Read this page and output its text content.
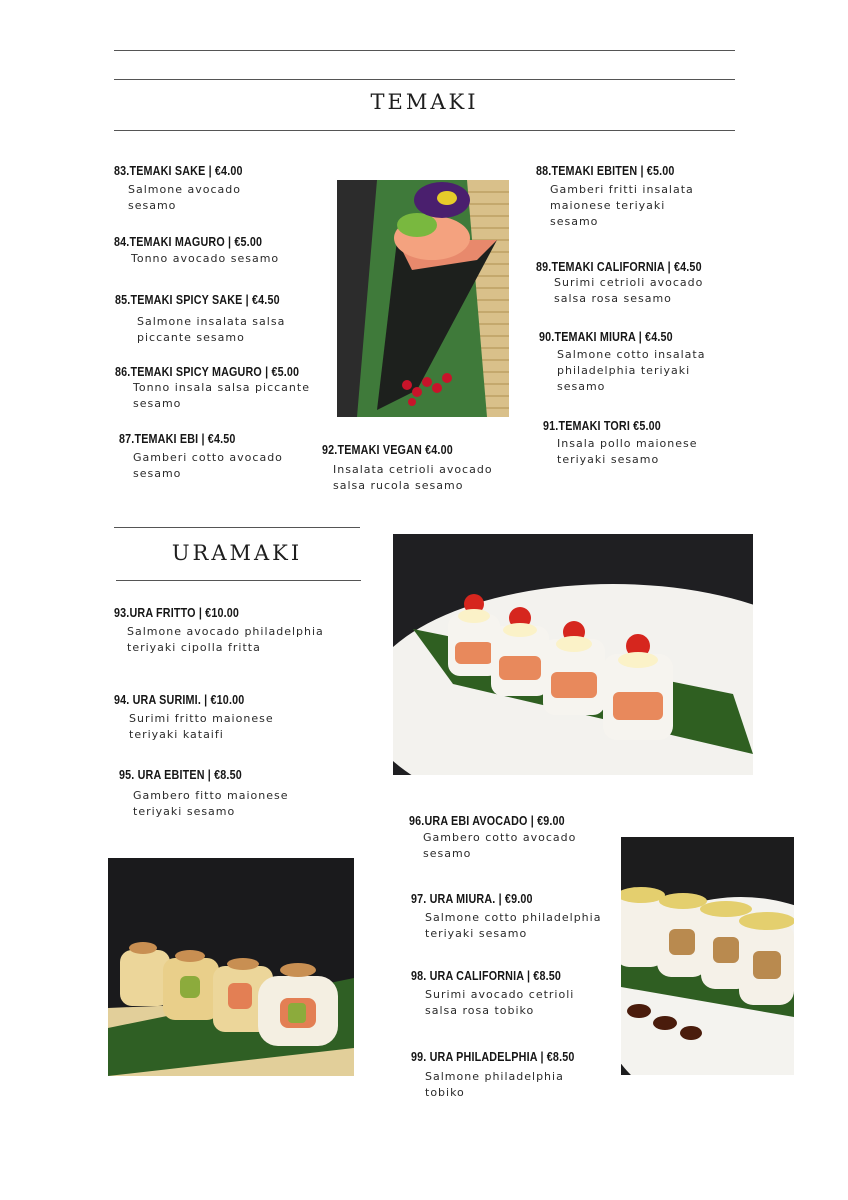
TEMAKI
83.TEMAKI SAKE | €4.00
Salmone avocado
sesamo
84.TEMAKI MAGURO | €5.00
Tonno avocado sesamo
85.TEMAKI SPICY SAKE | €4.50
Salmone insalata salsa
piccante sesamo
86.TEMAKI SPICY MAGURO | €5.00
Tonno insala salsa piccante
sesamo
87.TEMAKI EBI | €4.50
Gamberi cotto avocado
sesamo
92.TEMAKI VEGAN €4.00
Insalata cetrioli avocado
salsa rucola sesamo
88.TEMAKI EBITEN | €5.00
Gamberi fritti insalata
maionese teriyaki
sesamo
89.TEMAKI CALIFORNIA | €4.50
Surimi cetrioli avocado
salsa rosa sesamo
90.TEMAKI MIURA | €4.50
Salmone cotto insalata
philadelphia teriyaki
sesamo
91.TEMAKI TORI €5.00
Insala pollo maionese
teriyaki sesamo
URAMAKI
93.URA FRITTO | €10.00
Salmone avocado philadelphia
teriyaki cipolla fritta
94. URA SURIMI. | €10.00
Surimi fritto maionese
teriyaki kataifi
95. URA EBITEN | €8.50
Gambero fitto maionese
teriyaki sesamo
96.URA EBI AVOCADO | €9.00
Gambero cotto avocado
sesamo
97. URA MIURA. | €9.00
Salmone cotto philadelphia
teriyaki sesamo
98. URA CALIFORNIA | €8.50
Surimi avocado cetrioli
salsa rosa tobiko
99. URA PHILADELPHIA | €8.50
Salmone philadelphia
tobiko
